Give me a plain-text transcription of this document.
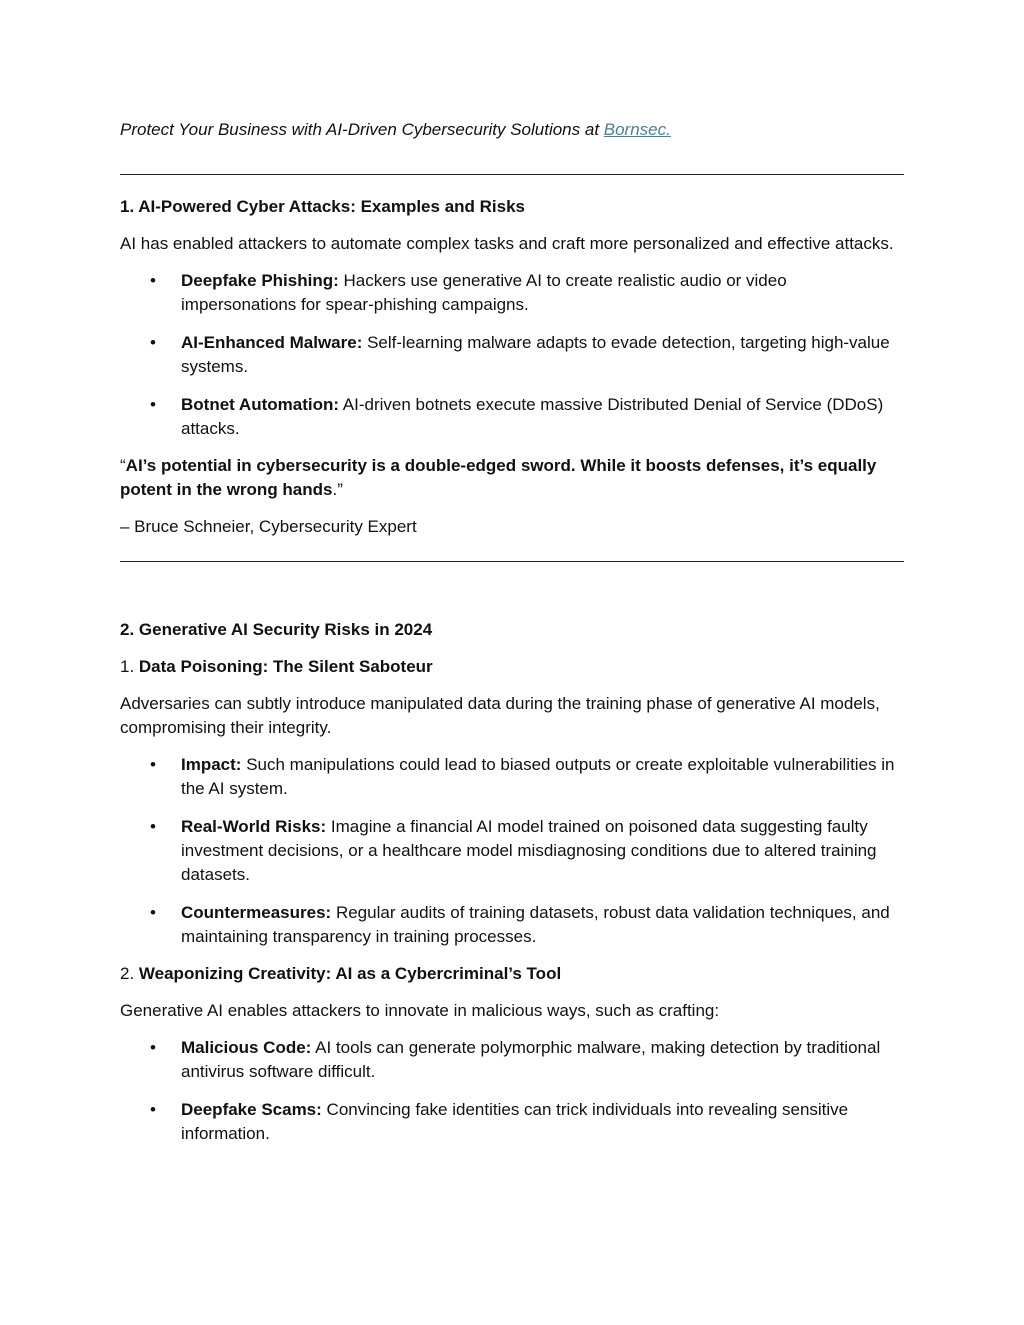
Protect Your Business with AI-Driven Cybersecurity Solutions at Bornsec.

1. AI-Powered Cyber Attacks: Examples and Risks

AI has enabled attackers to automate complex tasks and craft more personalized and effective attacks.

• Deepfake Phishing: Hackers use generative AI to create realistic audio or video impersonations for spear-phishing campaigns.
• AI-Enhanced Malware: Self-learning malware adapts to evade detection, targeting high-value systems.
• Botnet Automation: AI-driven botnets execute massive Distributed Denial of Service (DDoS) attacks.

“AI’s potential in cybersecurity is a double-edged sword. While it boosts defenses, it’s equally potent in the wrong hands.”

– Bruce Schneier, Cybersecurity Expert

2. Generative AI Security Risks in 2024

1. Data Poisoning: The Silent Saboteur

Adversaries can subtly introduce manipulated data during the training phase of generative AI models, compromising their integrity.

• Impact: Such manipulations could lead to biased outputs or create exploitable vulnerabilities in the AI system.
• Real-World Risks: Imagine a financial AI model trained on poisoned data suggesting faulty investment decisions, or a healthcare model misdiagnosing conditions due to altered training datasets.
• Countermeasures: Regular audits of training datasets, robust data validation techniques, and maintaining transparency in training processes.

2. Weaponizing Creativity: AI as a Cybercriminal’s Tool

Generative AI enables attackers to innovate in malicious ways, such as crafting:

• Malicious Code: AI tools can generate polymorphic malware, making detection by traditional antivirus software difficult.
• Deepfake Scams: Convincing fake identities can trick individuals into revealing sensitive information.
